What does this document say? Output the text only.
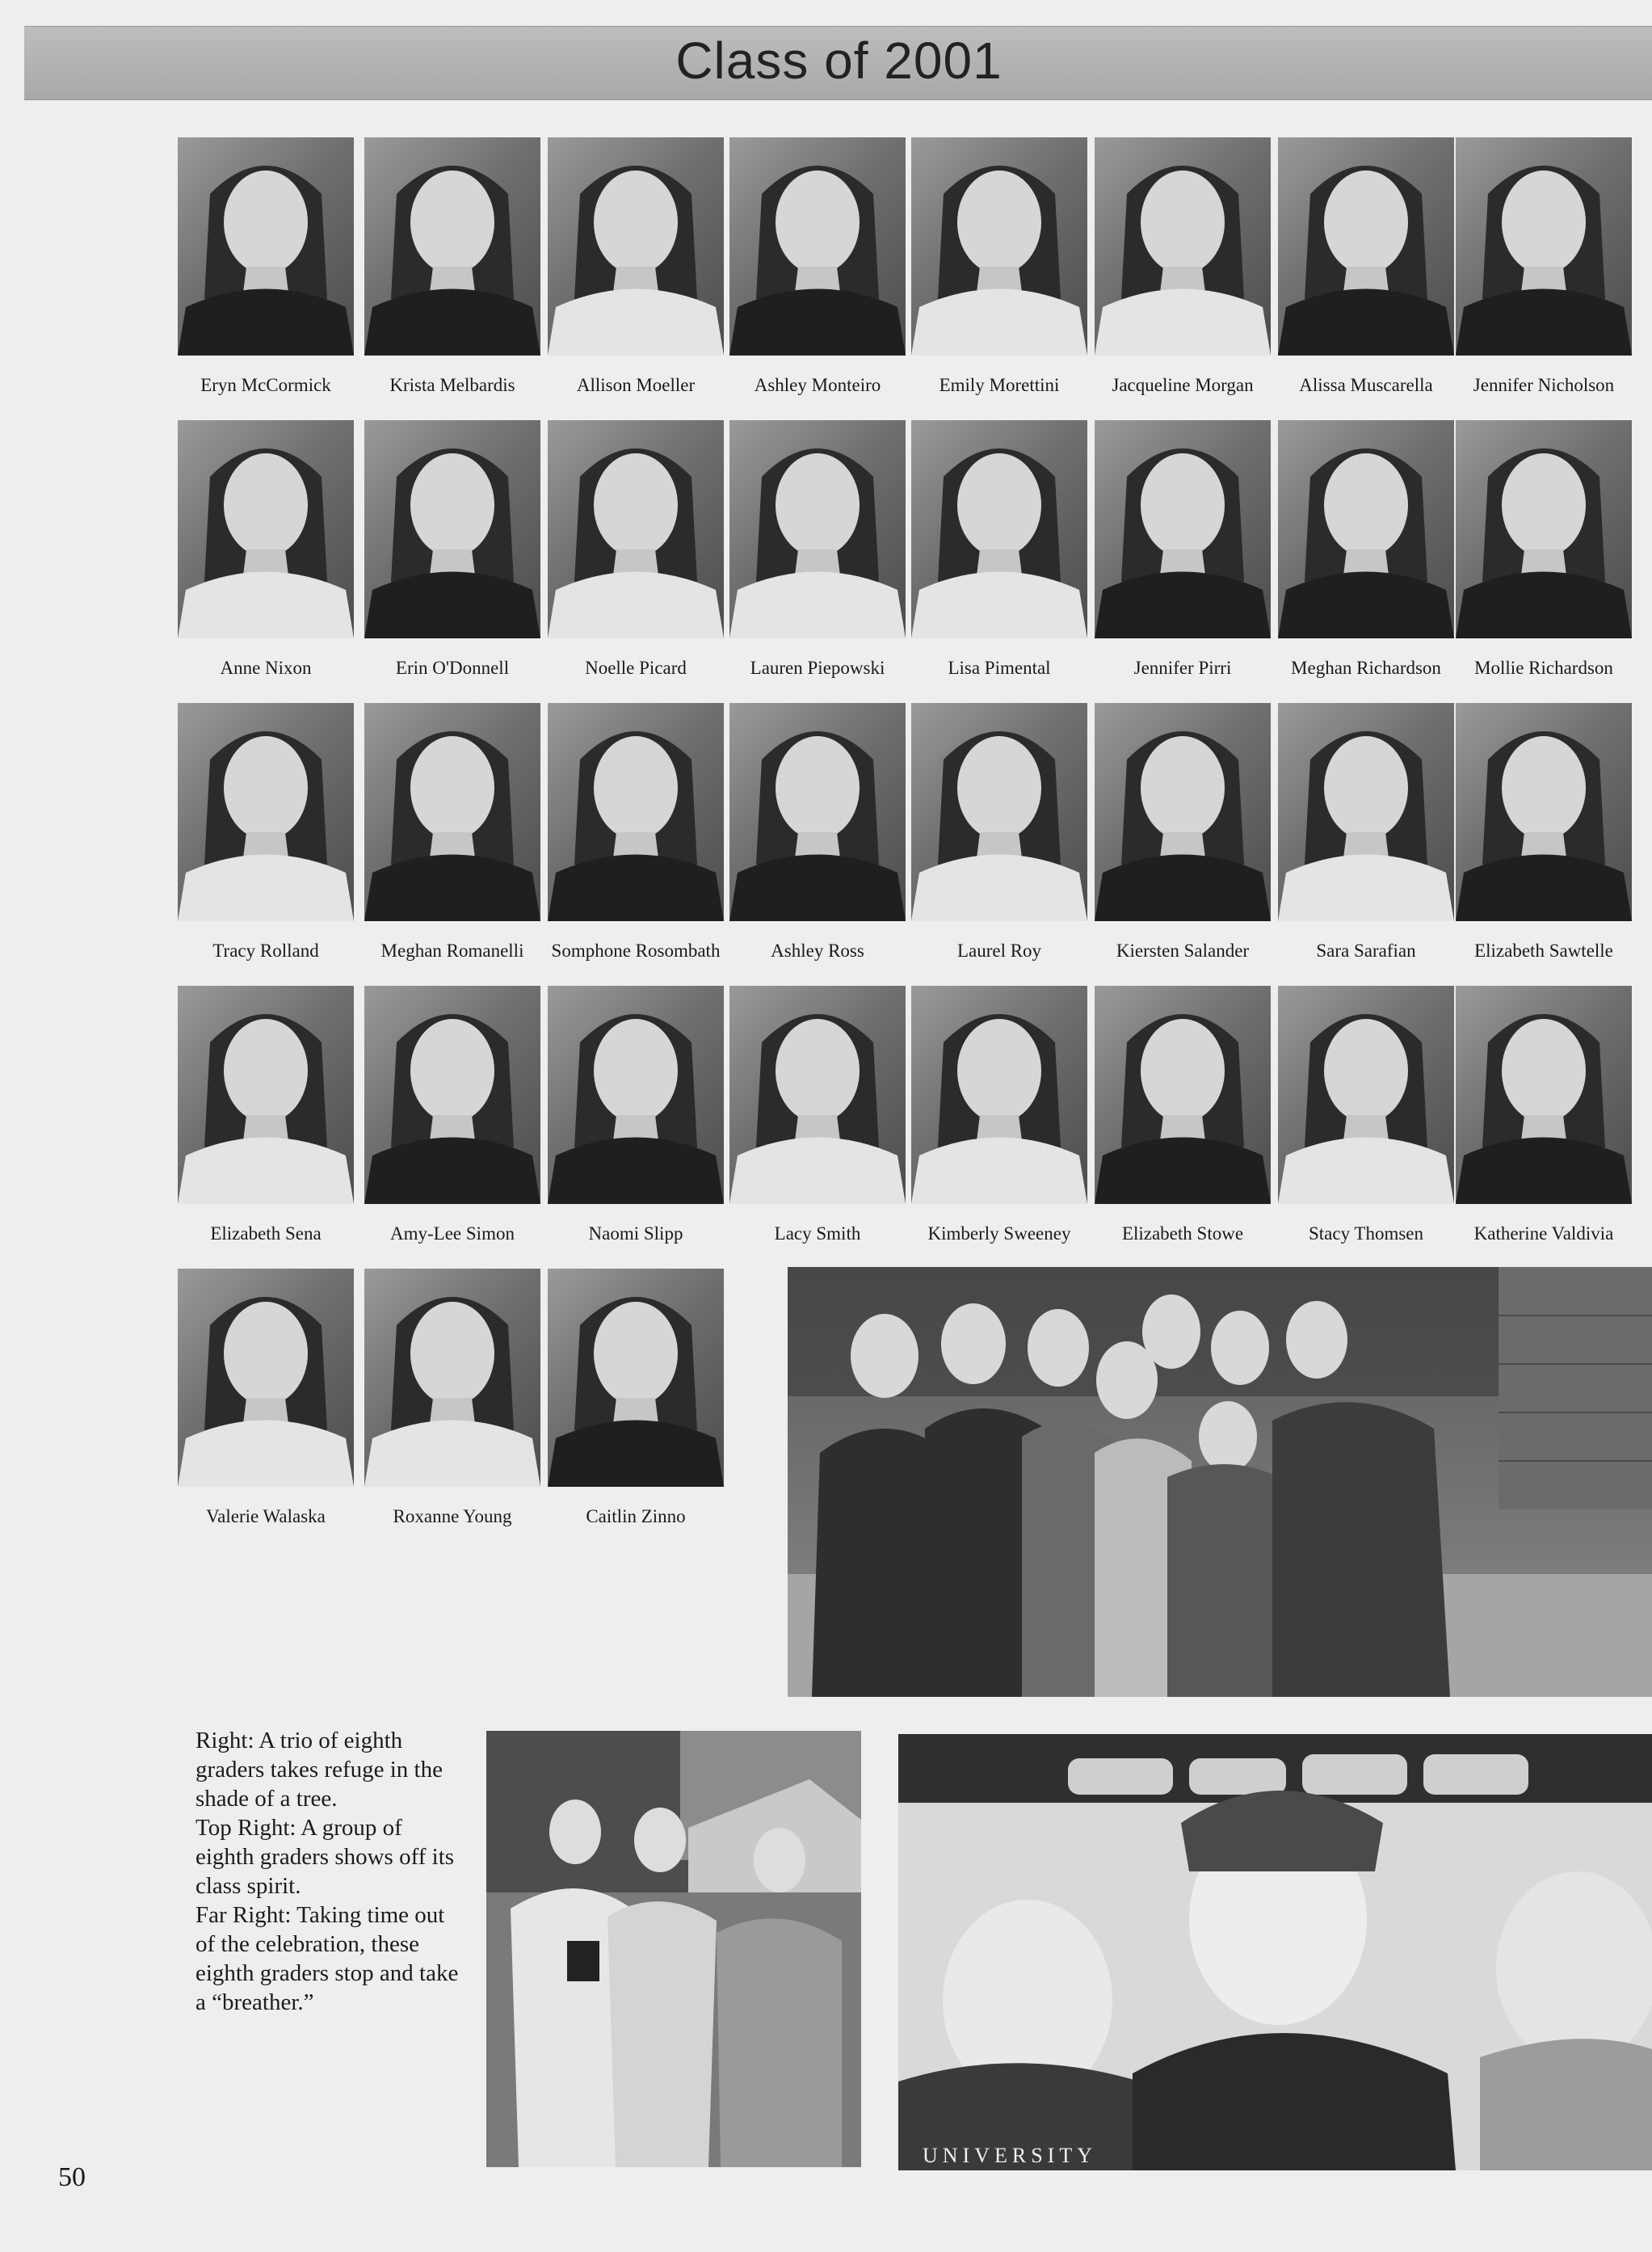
Class of 2001
Eryn McCormick	Krista Melbardis	Allison Moeller	Ashley Monteiro	Emily Morettini	Jacqueline Morgan	Alissa Muscarella	Jennifer Nicholson
Anne Nixon	Erin O'Donnell	Noelle Picard	Lauren Piepowski	Lisa Pimental	Jennifer Pirri	Meghan Richardson	Mollie Richardson
Tracy Rolland	Meghan Romanelli	Somphone Rosombath	Ashley Ross	Laurel Roy	Kiersten Salander	Sara Sarafian	Elizabeth Sawtelle
Elizabeth Sena	Amy-Lee Simon	Naomi Slipp	Lacy Smith	Kimberly Sweeney	Elizabeth Stowe	Stacy Thomsen	Katherine Valdivia
Valerie Walaska	Roxanne Young	Caitlin Zinno
UNIVERSITY

Right: A trio of eighth graders takes refuge in the shade of a tree.

Top Right: A group of eighth graders shows off its class spirit.

Far Right: Taking time out of the celebration, these eighth graders stop and take a “breather.”

50
